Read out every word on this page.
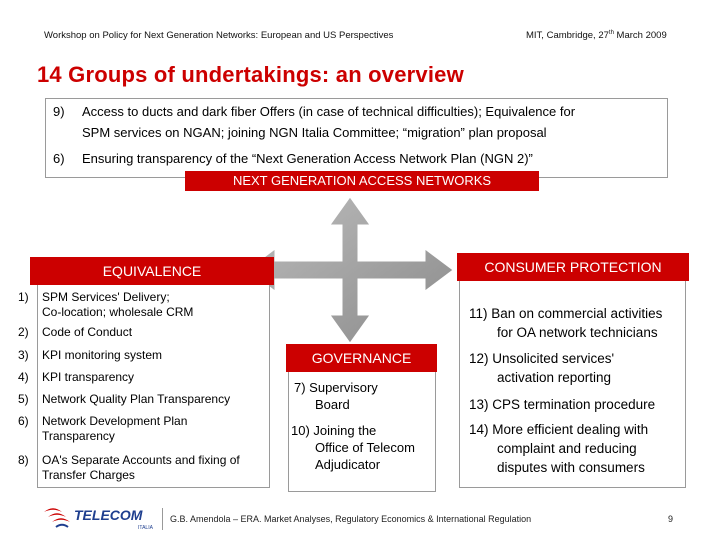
Workshop on Policy for Next Generation Networks: European and US Perspectives	MIT, Cambridge, 27th March 2009
14 Groups of undertakings: an overview
9) Access to ducts and dark fiber Offers (in case of technical difficulties); Equivalence for
SPM services on NGAN; joining NGN Italia Committee; “migration” plan proposal
6) Ensuring transparency of the “Next Generation Access Network Plan (NGN 2)”
NEXT GENERATION ACCESS NETWORKS
EQUIVALENCE
1) SPM Services' Delivery;
Co-location; wholesale CRM
2) Code of Conduct
3) KPI monitoring system
4) KPI transparency
5) Network Quality Plan Transparency
6) Network Development Plan
Transparency
8) OA's Separate Accounts and fixing of
Transfer Charges
GOVERNANCE
7) Supervisory
Board
10) Joining the
Office of Telecom
Adjudicator
CONSUMER PROTECTION
11) Ban on commercial activities
for OA network technicians
12) Unsolicited services'
activation reporting
13) CPS termination procedure
14) More efficient dealing with
complaint and reducing
disputes with consumers
TELECOM
ITALIA
G.B. Amendola – ERA. Market Analyses, Regulatory Economics & International Regulation	9
